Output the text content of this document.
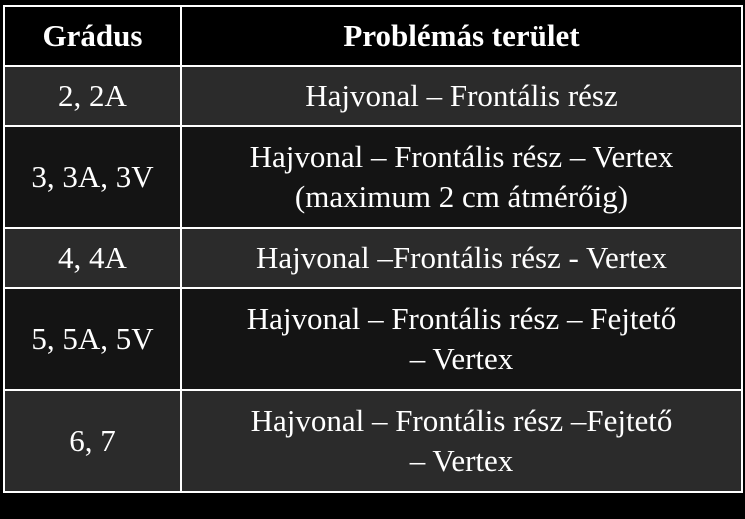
Grádus	Problémás terület
2, 2A	Hajvonal – Frontális rész

3, 3A, 3V	Hajvonal – Frontális rész – Vertex
(maximum 2 cm átmérőig)

4, 4A	Hajvonal –Frontális rész - Vertex

5, 5A, 5V	Hajvonal – Frontális rész – Fejtető
– Vertex

6, 7	Hajvonal – Frontális rész –Fejtető
– Vertex
